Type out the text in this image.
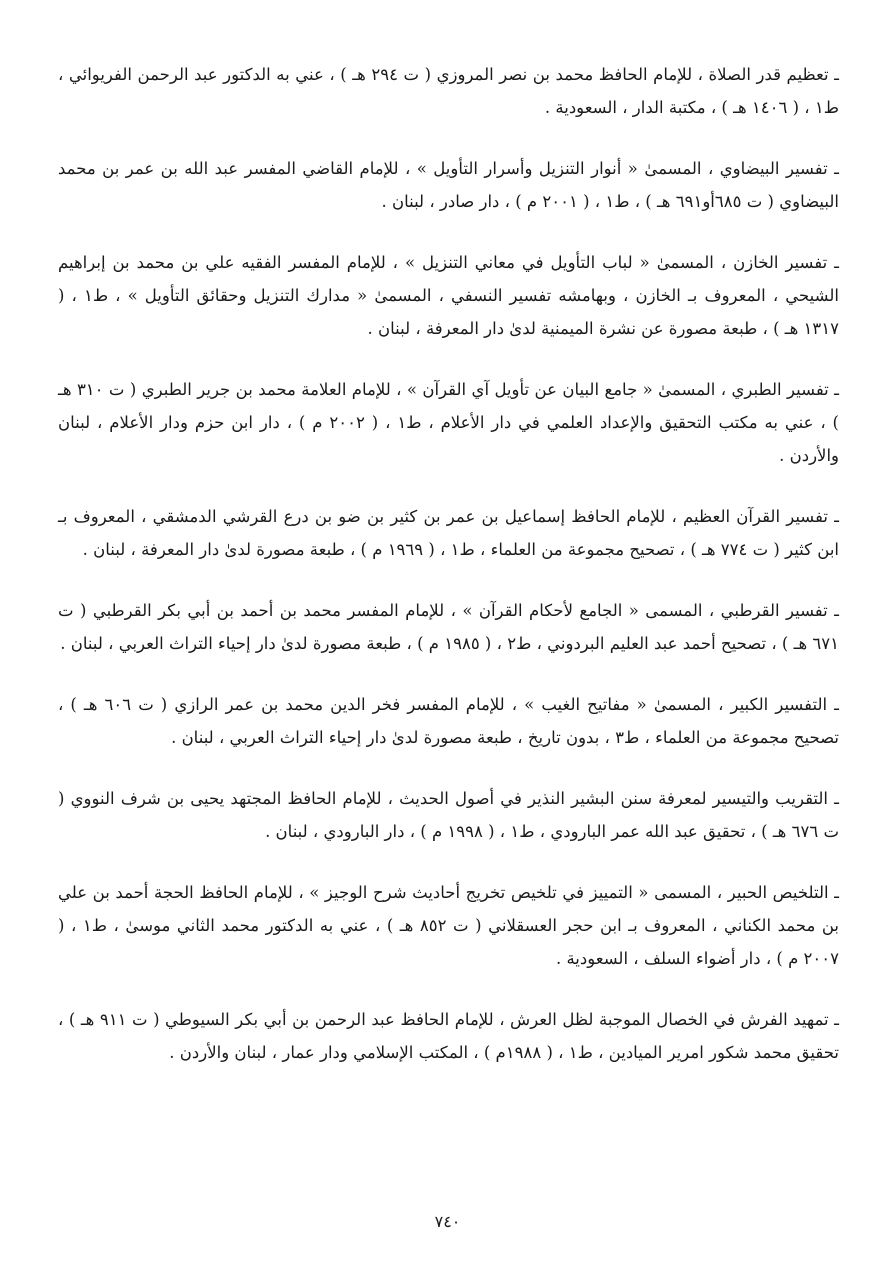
ـ تعظيم قدر الصلاة ، للإمام الحافظ محمد بن نصر المروزي ( ت ٢٩٤ هـ ) ، عني به الدكتور عبد الرحمن الفريوائي ، ط١ ، ( ١٤٠٦ هـ ) ، مكتبة الدار ، السعودية .

ـ تفسير البيضاوي ، المسمىٰ « أنوار التنزيل وأسرار التأويل » ، للإمام القاضي المفسر عبد الله بن عمر بن محمد البيضاوي ( ت ٦٨٥أو٦٩١ هـ ) ، ط١ ، ( ٢٠٠١ م ) ، دار صادر ، لبنان .

ـ تفسير الخازن ، المسمىٰ « لباب التأويل في معاني التنزيل » ، للإمام المفسر الفقيه علي بن محمد بن إبراهيم الشيحي ، المعروف بـ الخازن ، وبهامشه تفسير النسفي ، المسمىٰ « مدارك التنزيل وحقائق التأويل » ، ط١ ، ( ١٣١٧ هـ ) ، طبعة مصورة عن نشرة الميمنية لدىٰ دار المعرفة ، لبنان .

ـ تفسير الطبري ، المسمىٰ « جامع البيان عن تأويل آي القرآن » ، للإمام العلامة محمد بن جرير الطبري ( ت ٣١٠ هـ ) ، عني به مكتب التحقيق والإعداد العلمي في دار الأعلام ، ط١ ، ( ٢٠٠٢ م ) ، دار ابن حزم ودار الأعلام ، لبنان والأردن .

ـ تفسير القرآن العظيم ، للإمام الحافظ إسماعيل بن عمر بن كثير بن ضو بن درع القرشي الدمشقي ، المعروف بـ ابن كثير ( ت ٧٧٤ هـ ) ، تصحيح مجموعة من العلماء ، ط١ ، ( ١٩٦٩ م ) ، طبعة مصورة لدىٰ دار المعرفة ، لبنان .

ـ تفسير القرطبي ، المسمى « الجامع لأحكام القرآن » ، للإمام المفسر محمد بن أحمد بن أبي بكر القرطبي ( ت ٦٧١ هـ ) ، تصحيح أحمد عبد العليم البردوني ، ط٢ ، ( ١٩٨٥ م ) ، طبعة مصورة لدىٰ دار إحياء التراث العربي ، لبنان .

ـ التفسير الكبير ، المسمىٰ « مفاتيح الغيب » ، للإمام المفسر فخر الدين محمد بن عمر الرازي ( ت ٦٠٦ هـ ) ، تصحيح مجموعة من العلماء ، ط٣ ، بدون تاريخ ، طبعة مصورة لدىٰ دار إحياء التراث العربي ، لبنان .

ـ التقريب والتيسير لمعرفة سنن البشير النذير في أصول الحديث ، للإمام الحافظ المجتهد يحيى بن شرف النووي ( ت ٦٧٦ هـ ) ، تحقيق عبد الله عمر البارودي ، ط١ ، ( ١٩٩٨ م ) ، دار البارودي ، لبنان .

ـ التلخيص الحبير ، المسمى « التمييز في تلخيص تخريج أحاديث شرح الوجيز » ، للإمام الحافظ الحجة أحمد بن علي بن محمد الكناني ، المعروف بـ ابن حجر العسقلاني ( ت ٨٥٢ هـ ) ، عني به الدكتور محمد الثاني موسىٰ ، ط١ ، ( ٢٠٠٧ م ) ، دار أضواء السلف ، السعودية .

ـ تمهيد الفرش في الخصال الموجبة لظل العرش ، للإمام الحافظ عبد الرحمن بن أبي بكر السيوطي ( ت ٩١١ هـ ) ، تحقيق محمد شكور امرير الميادين ، ط١ ، ( ١٩٨٨م ) ، المكتب الإسلامي ودار عمار ، لبنان والأردن .

٧٤٠
